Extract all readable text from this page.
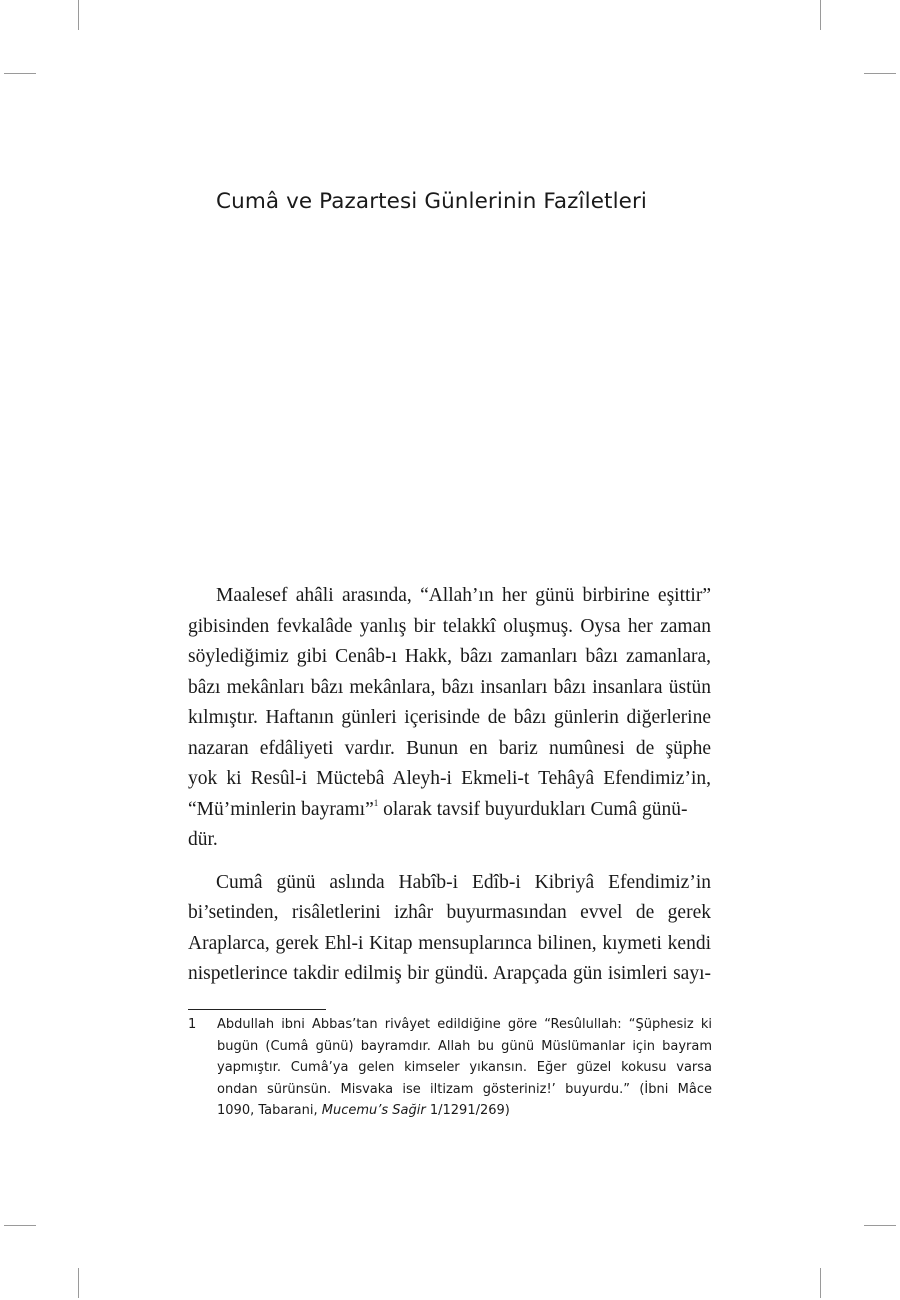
Cumâ ve Pazartesi Günlerinin Fazîletleri
Maalesef ahâli arasında, “Allah’ın her günü birbirine eşittir”
gibisinden fevkalâde yanlış bir telakkî oluşmuş. Oysa her zaman
söylediğimiz gibi Cenâb-ı Hakk, bâzı zamanları bâzı zamanlara,
bâzı mekânları bâzı mekânlara, bâzı insanları bâzı insanlara üstün
kılmıştır. Haftanın günleri içerisinde de bâzı günlerin diğerlerine
nazaran efdâliyeti vardır. Bunun en bariz numûnesi de şüphe
yok ki Resûl-i Müctebâ Aleyh-i Ekmeli-t Tehâyâ Efendimiz’in,
“Mü’minlerin bayramı”$^1$ olarak tavsif buyurdukları Cumâ günü-
dür.
Cumâ günü aslında Habîb-i Edîb-i Kibriyâ Efendimiz’in
bi’setinden, risâletlerini izhâr buyurmasından evvel de gerek
Araplarca, gerek Ehl-i Kitap mensuplarınca bilinen, kıymeti kendi
nispetlerince takdir edilmiş bir gündü. Arapçada gün isimleri sayı-
1 Abdullah ibni Abbas’tan rivâyet edildiğine göre “Resûlullah: “Şüphesiz ki
bugün (Cumâ günü) bayramdır. Allah bu günü Müslümanlar için bayram
yapmıştır. Cumâ’ya gelen kimseler yıkansın. Eğer güzel kokusu varsa
ondan sürünsün. Misvaka ise iltizam gösteriniz!’ buyurdu.” (İbni Mâce
1090, Tabarani, Mucemu’s Sağir 1/1291/269)
